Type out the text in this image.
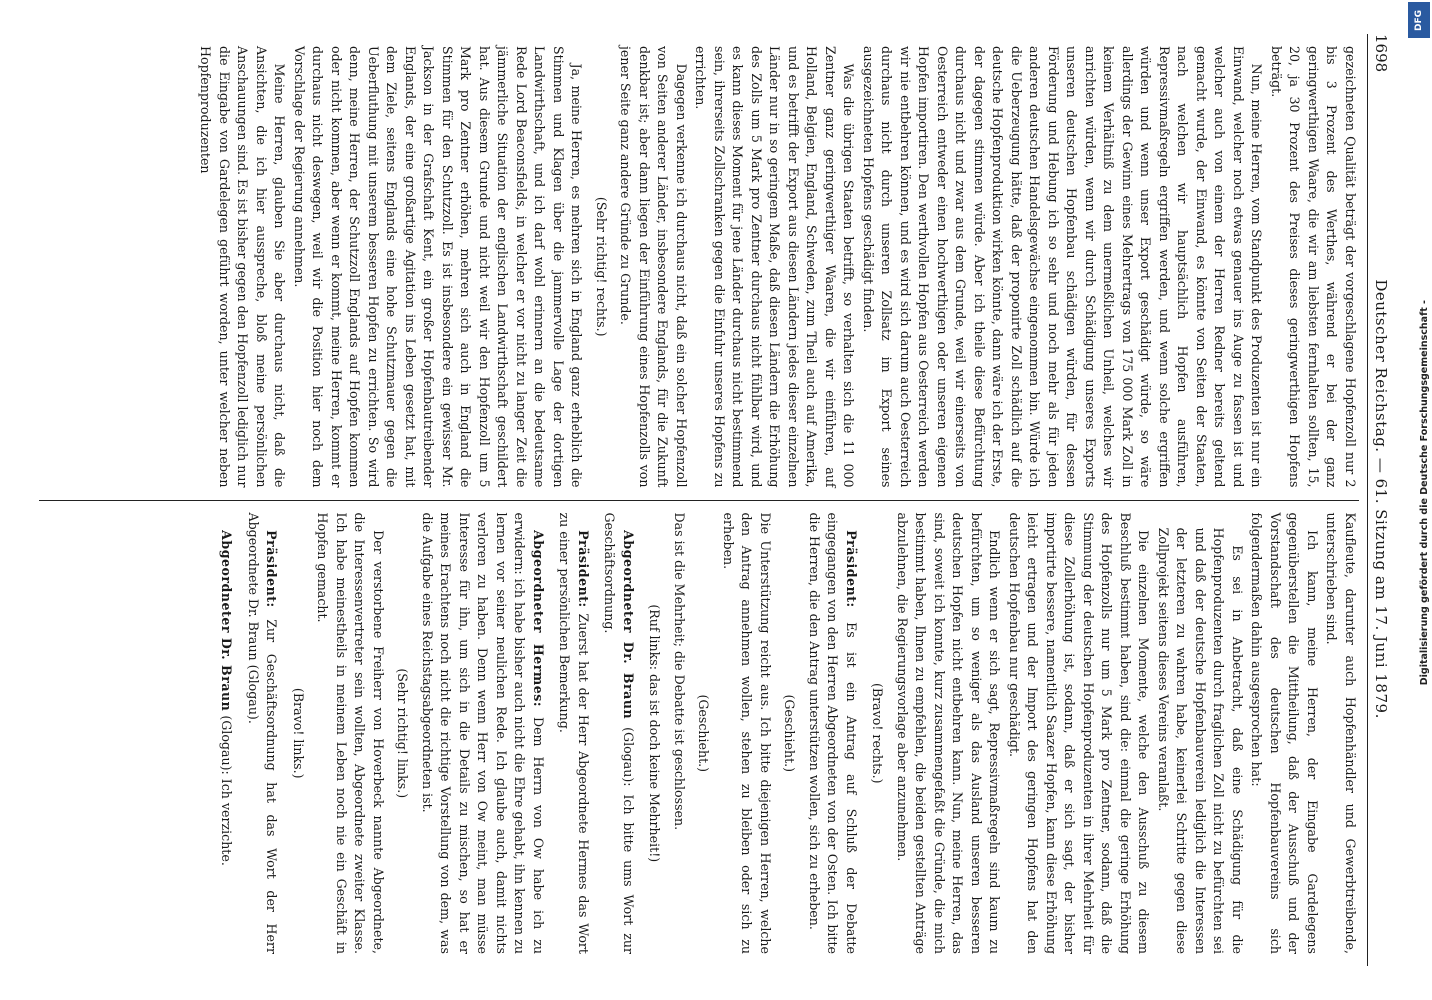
1698
Deutscher Reichstag. — 61. Sitzung am 17. Juni 1879.

gezeichneten Qualität beträgt der vorgeschlagene Hopfenzoll nur 2 bis 3 Prozent des Werthes, während er bei der ganz geringwerthigen Waare, die wir am liebsten fernhalten sollten, 15, 20, ja 30 Prozent des Preises dieses geringwerthigen Hopfens beträgt.

Nun, meine Herren, vom Standpunkt des Produzenten ist nur ein Einwand, welcher noch etwas genauer ins Auge zu fassen ist und welcher auch von einem der Herren Redner bereits geltend gemacht wurde, der Einwand, es könnte von Seiten der Staaten, nach welchen wir hauptsächlich Hopfen ausführen, Repressivmaßregeln ergriffen werden, und wenn solche ergriffen würden und wenn unser Export geschädigt würde, so wäre allerdings der Gewinn eines Mehrertrags von 175 000 Mark Zoll in keinem Verhältniß zu dem unermeßlichen Unheil, welches wir anrichten würden, wenn wir durch Schädigung unseres Exports unseren deutschen Hopfenbau schädigen würden, für dessen Förderung und Hebung ich so sehr und noch mehr als für jeden anderen deutschen Handelsgewächse eingenommen bin. Würde ich die Ueberzeugung hätte, daß der proponirte Zoll schädlich auf die deutsche Hopfenproduktion wirken könnte, dann wäre ich der Erste, der dagegen stimmen würde. Aber ich theile diese Befürchtung durchaus nicht und zwar aus dem Grunde, weil wir einerseits von Oesterreich entweder einen hochwerthigen oder unseren eigenen Hopfen importiren. Den werthvollen Hopfen aus Oesterreich werden wir nie entbehren können, und es wird sich darum auch Oesterreich durchaus nicht durch unseren Zollsatz im Export seines ausgezeichneten Hopfens geschädigt finden.

Was die übrigen Staaten betrifft, so verhalten sich die 11 000 Zentner ganz geringwerthiger Waaren, die wir einführen, auf Holland, Belgien, England, Schweden, zum Theil auch auf Amerika, und es betrifft der Export aus diesen Ländern jedes dieser einzelnen Länder nur in so geringem Maße, daß diesen Ländern die Erhöhung des Zolls um 5 Mark pro Zentner durchaus nicht fühlbar wird, und es kann dieses Moment für jene Länder durchaus nicht bestimmend sein, ihrerseits Zollschranken gegen die Einfuhr unseres Hopfens zu errichten.

Dagegen verkenne ich durchaus nicht, daß ein solcher Hopfenzoll von Seiten anderer Länder, insbesondere Englands, für die Zukunft denkbar ist; aber dann liegen der Einführung eines Hopfenzolls von jener Seite ganz andere Gründe zu Grunde.

(Sehr richtig! rechts.)

Ja, meine Herren, es mehren sich in England ganz erheblich die Stimmen und Klagen über die jammervolle Lage der dortigen Landwirthschaft, und ich darf wohl erinnern an die bedeutsame Rede Lord Beaconsfields, in welcher er vor nicht zu langer Zeit die jämmerliche Situation der englischen Landwirthschaft geschildert hat. Aus diesem Grunde und nicht weil wir den Hopfenzoll um 5 Mark pro Zentner erhöhen, mehren sich auch in England die Stimmen für den Schutzzoll. Es ist insbesondere ein gewisser Mr. Jackson in der Grafschaft Kent, ein großer Hopfenbautreibender Englands, der eine großartige Agitation ins Leben gesetzt hat, mit dem Ziele, seitens Englands eine hohe Schutzmauer gegen die Ueberfluthung mit unserem besseren Hopfen zu errichten. So wird denn, meine Herren, der Schutzzoll Englands auf Hopfen kommen oder nicht kommen, aber wenn er kommt, meine Herren, kommt er durchaus nicht deswegen, weil wir die Position hier noch dem Vorschlage der Regierung annehmen.

Meine Herren, glauben Sie aber durchaus nicht, daß die Ansichten, die ich hier ausspreche, bloß meine persönlichen Anschauungen sind. Es ist bisher gegen den Hopfenzoll lediglich nur die Eingabe von Gardelegen geführt worden, unter welcher neben Hopfenproduzenten

Kaufleute, darunter auch Hopfenhändler und Gewerbtreibende, unterschrieben sind.

Ich kann, meine Herren, der Eingabe Gardelegens gegenüberstellen die Mittheilung, daß der Ausschuß und der Vorstandschaft des deutschen Hopfenbauvereins sich folgendermaßen dahin ausgesprochen hat:

Es sei in Anbetracht, daß eine Schädigung für die Hopfenproduzenten durch fraglichen Zoll nicht zu befürchten sei und daß der deutsche Hopfenbauverein lediglich die Interessen der letzteren zu wahren habe, keinerlei Schritte gegen diese Zollprojekt seitens dieses Vereins veranlaßt.

Die einzelnen Momente, welche den Ausschuß zu diesem Beschluß bestimmt haben, sind die: einmal die geringe Erhöhung des Hopfenzolls nur um 5 Mark pro Zentner, sodann, daß die Stimmung der deutschen Hopfenproduzenten in ihrer Mehrheit für diese Zollerhöhung ist, sodann, daß er sich sagt, der bisher importirte bessere, namentlich Saazer Hopfen, kann diese Erhöhung leicht ertragen und der Import des geringen Hopfens hat den deutschen Hopfenbau nur geschädigt.

Endlich wenn er sich sagt, Repressivmaßregeln sind kaum zu befürchten, um so weniger als das Ausland unseren besseren deutschen Hopfen nicht entbehren kann. Nun, meine Herren, das sind, soweit ich konnte, kurz zusammengefaßt die Gründe, die mich bestimmt haben, Ihnen zu empfehlen, die beiden gestellten Anträge abzulehnen, die Regierungsvorlage aber anzunehmen.

(Bravo! rechts.)

Präsident: Es ist ein Antrag auf Schluß der Debatte eingegangen von den Herren Abgeordneten von der Osten. Ich bitte die Herren, die den Antrag unterstützen wollen, sich zu erheben.

(Geschieht.)

Die Unterstützung reicht aus. Ich bitte diejenigen Herren, welche den Antrag annehmen wollen, stehen zu bleiben oder sich zu erheben.

(Geschieht.)

Das ist die Mehrheit; die Debatte ist geschlossen.

(Ruf links: das ist doch keine Mehrheit!)

Abgeordneter Dr. Braun (Glogau): Ich bitte ums Wort zur Geschäftsordnung.

Präsident: Zuerst hat der Herr Abgeordnete Hermes das Wort zu einer persönlichen Bemerkung.

Abgeordneter Hermes: Dem Herrn von Ow habe ich zu erwidern: ich habe bisher auch nicht die Ehre gehabt, ihn kennen zu lernen vor seiner neulichen Rede. Ich glaube auch, damit nichts verloren zu haben. Denn wenn Herr von Ow meint, man müsse Interesse für ihn, um sich in die Details zu mischen, so hat er meines Erachtens noch nicht die richtige Vorstellung von dem, was die Aufgabe eines Reichstagsabgeordneten ist.

(Sehr richtig! links.)

Der verstorbene Freiherr von Hoverbeck nannte Abgeordnete, die Interessenvertreter sein wollten, Abgeordnete zweiter Klasse. Ich habe meinestheils in meinem Leben noch nie ein Geschäft in Hopfen gemacht.

(Bravo! links.)

Präsident: Zur Geschäftsordnung hat das Wort der Herr Abgeordnete Dr. Braun (Glogau).

Abgeordneter Dr. Braun (Glogau): Ich verzichte.

DFG
Digitalisierung gefördert durch die Deutsche Forschungsgemeinschaft -
